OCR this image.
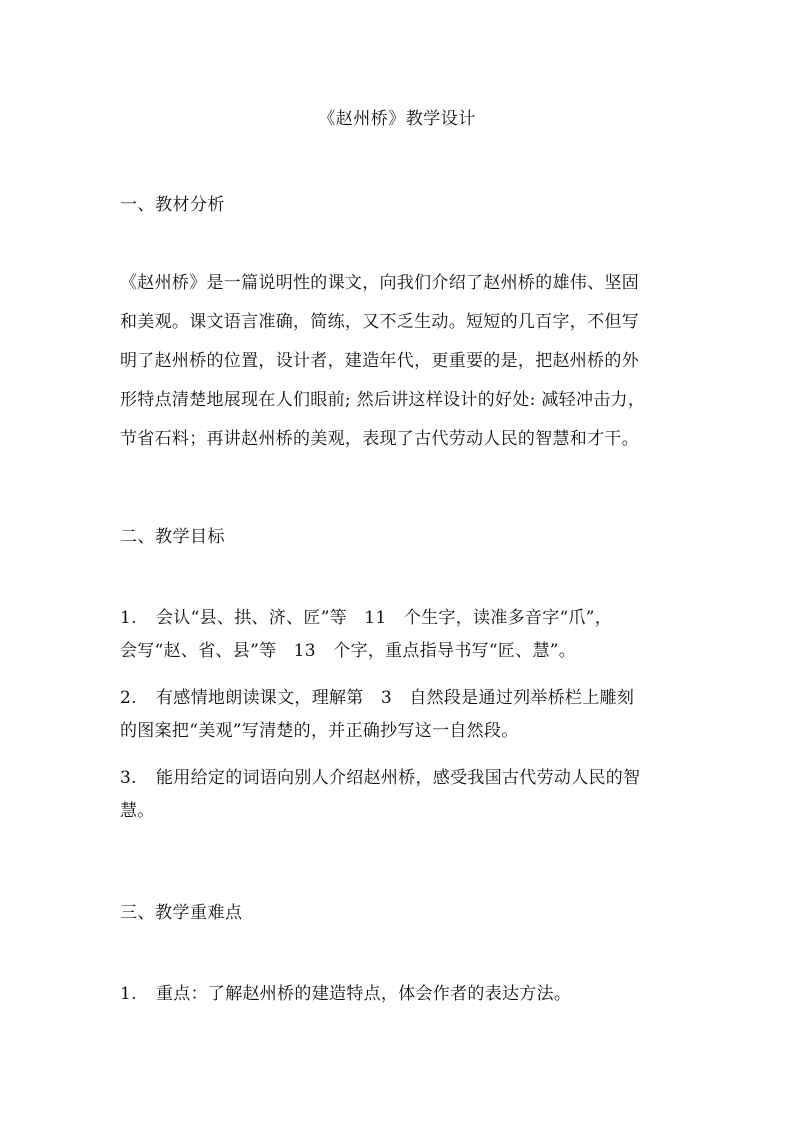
《赵州桥》教学设计
一、教材分析
《赵州桥》是一篇说明性的课文，向我们介绍了赵州桥的雄伟、坚固
和美观。课文语言准确，简练，又不乏生动。短短的几百字，不但写
明了赵州桥的位置，设计者，建造年代，更重要的是，把赵州桥的外
形特点清楚地展现在人们眼前; 然后讲这样设计的好处: 减轻冲击力，
节省石料；再讲赵州桥的美观，表现了古代劳动人民的智慧和才干。
二、教学目标
1. 会认“县、拱、济、匠”等　11　个生字，读准多音字“爪”，
会写“赵、省、县”等　13　个字，重点指导书写“匠、慧”。
2. 有感情地朗读课文，理解第　3　自然段是通过列举桥栏上雕刻
的图案把“美观”写清楚的，并正确抄写这一自然段。
3. 能用给定的词语向别人介绍赵州桥，感受我国古代劳动人民的智
慧。
三、教学重难点
1. 重点：了解赵州桥的建造特点，体会作者的表达方法。
